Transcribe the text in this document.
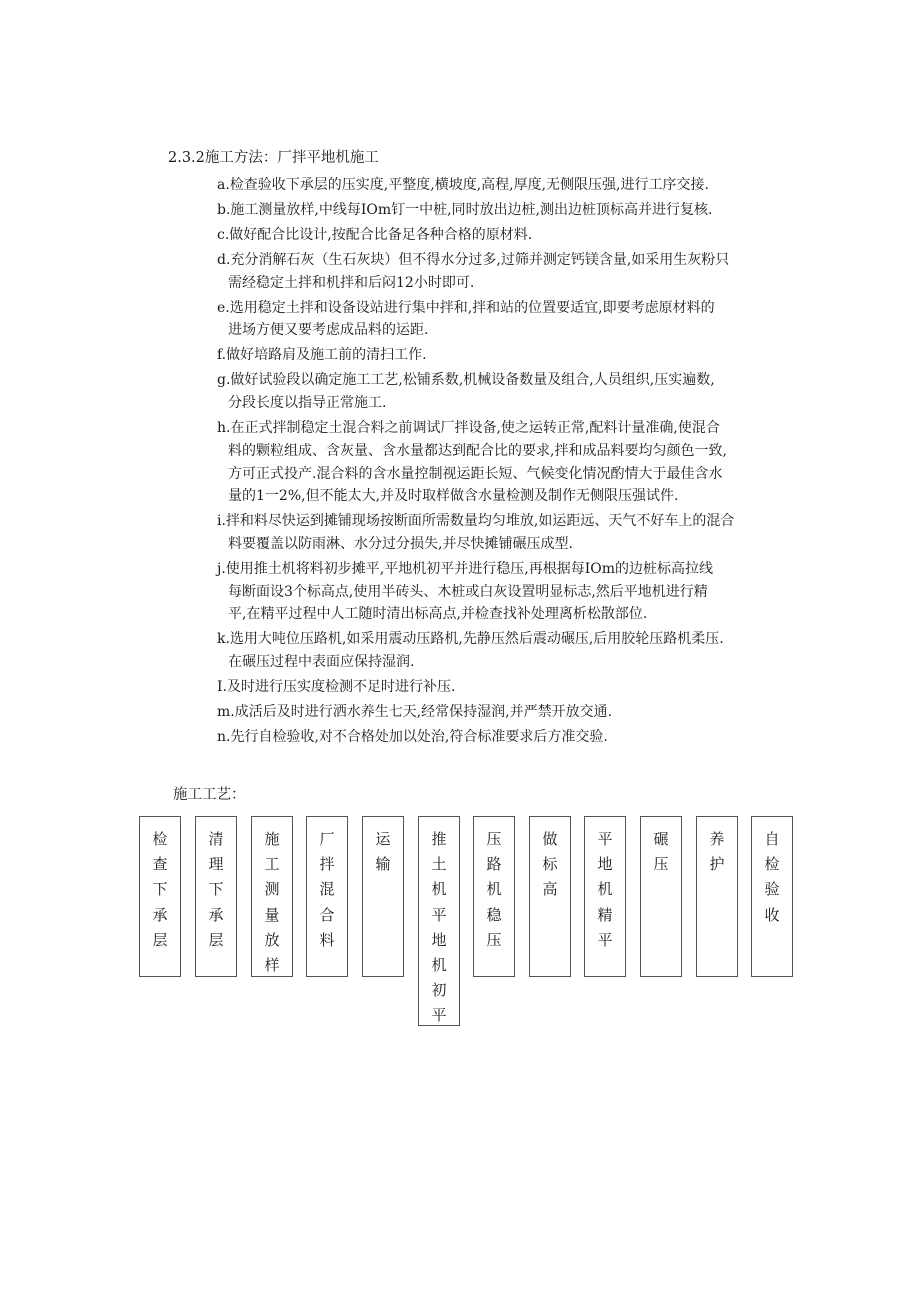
2.3.2施工方法：厂拌平地机施工
a.检查验收下承层的压实度,平整度,横坡度,高程,厚度,无侧限压强,进行工序交接.
b.施工测量放样,中线每IOm钉一中桩,同时放出边桩,测出边桩顶标高并进行复核.
c.做好配合比设计,按配合比备足各种合格的原材料.
d.充分消解石灰（生石灰块）但不得水分过多,过筛并测定钙镁含量,如采用生灰粉只
需经稳定土拌和机拌和后闷12小时即可.
e.选用稳定土拌和设备设站进行集中拌和,拌和站的位置要适宜,即要考虑原材料的
进场方便又要考虑成品料的运距.
f.做好培路肩及施工前的清扫工作.
g.做好试验段以确定施工工艺,松铺系数,机械设备数量及组合,人员组织,压实遍数,
分段长度以指导正常施工.
h.在正式拌制稳定土混合料之前调试厂拌设备,使之运转正常,配料计量准确,使混合
料的颗粒组成、含灰量、含水量都达到配合比的要求,拌和成品料要均匀颜色一致,
方可正式投产.混合料的含水量控制视运距长短、气候变化情况酌情大于最佳含水
量的1一2%,但不能太大,并及时取样做含水量检测及制作无侧限压强试件.
i.拌和料尽快运到摊铺现场按断面所需数量均匀堆放,如运距远、天气不好车上的混合
料要覆盖以防雨淋、水分过分损失,并尽快摊铺碾压成型.
j.使用推土机将料初步摊平,平地机初平并进行稳压,再根据每IOm的边桩标高拉线
每断面设3个标高点,使用半砖头、木桩或白灰设置明显标志,然后平地机进行精
平,在精平过程中人工随时清出标高点,并检查找补处理离析松散部位.
k.选用大吨位压路机,如采用震动压路机,先静压然后震动碾压,后用胶轮压路机柔压.
在碾压过程中表面应保持湿润.
I.及时进行压实度检测不足时进行补压.
m.成活后及时进行洒水养生七天,经常保持湿润,并严禁开放交通.
n.先行自检验收,对不合格处加以处治,符合标准要求后方准交验.
施工工艺：
检查下承层
清理下承层
施工测量放样
厂拌混合料
运输
推土机平地机初平
压路机稳压
做标高
平地机精平
碾压
养护
自检验收
